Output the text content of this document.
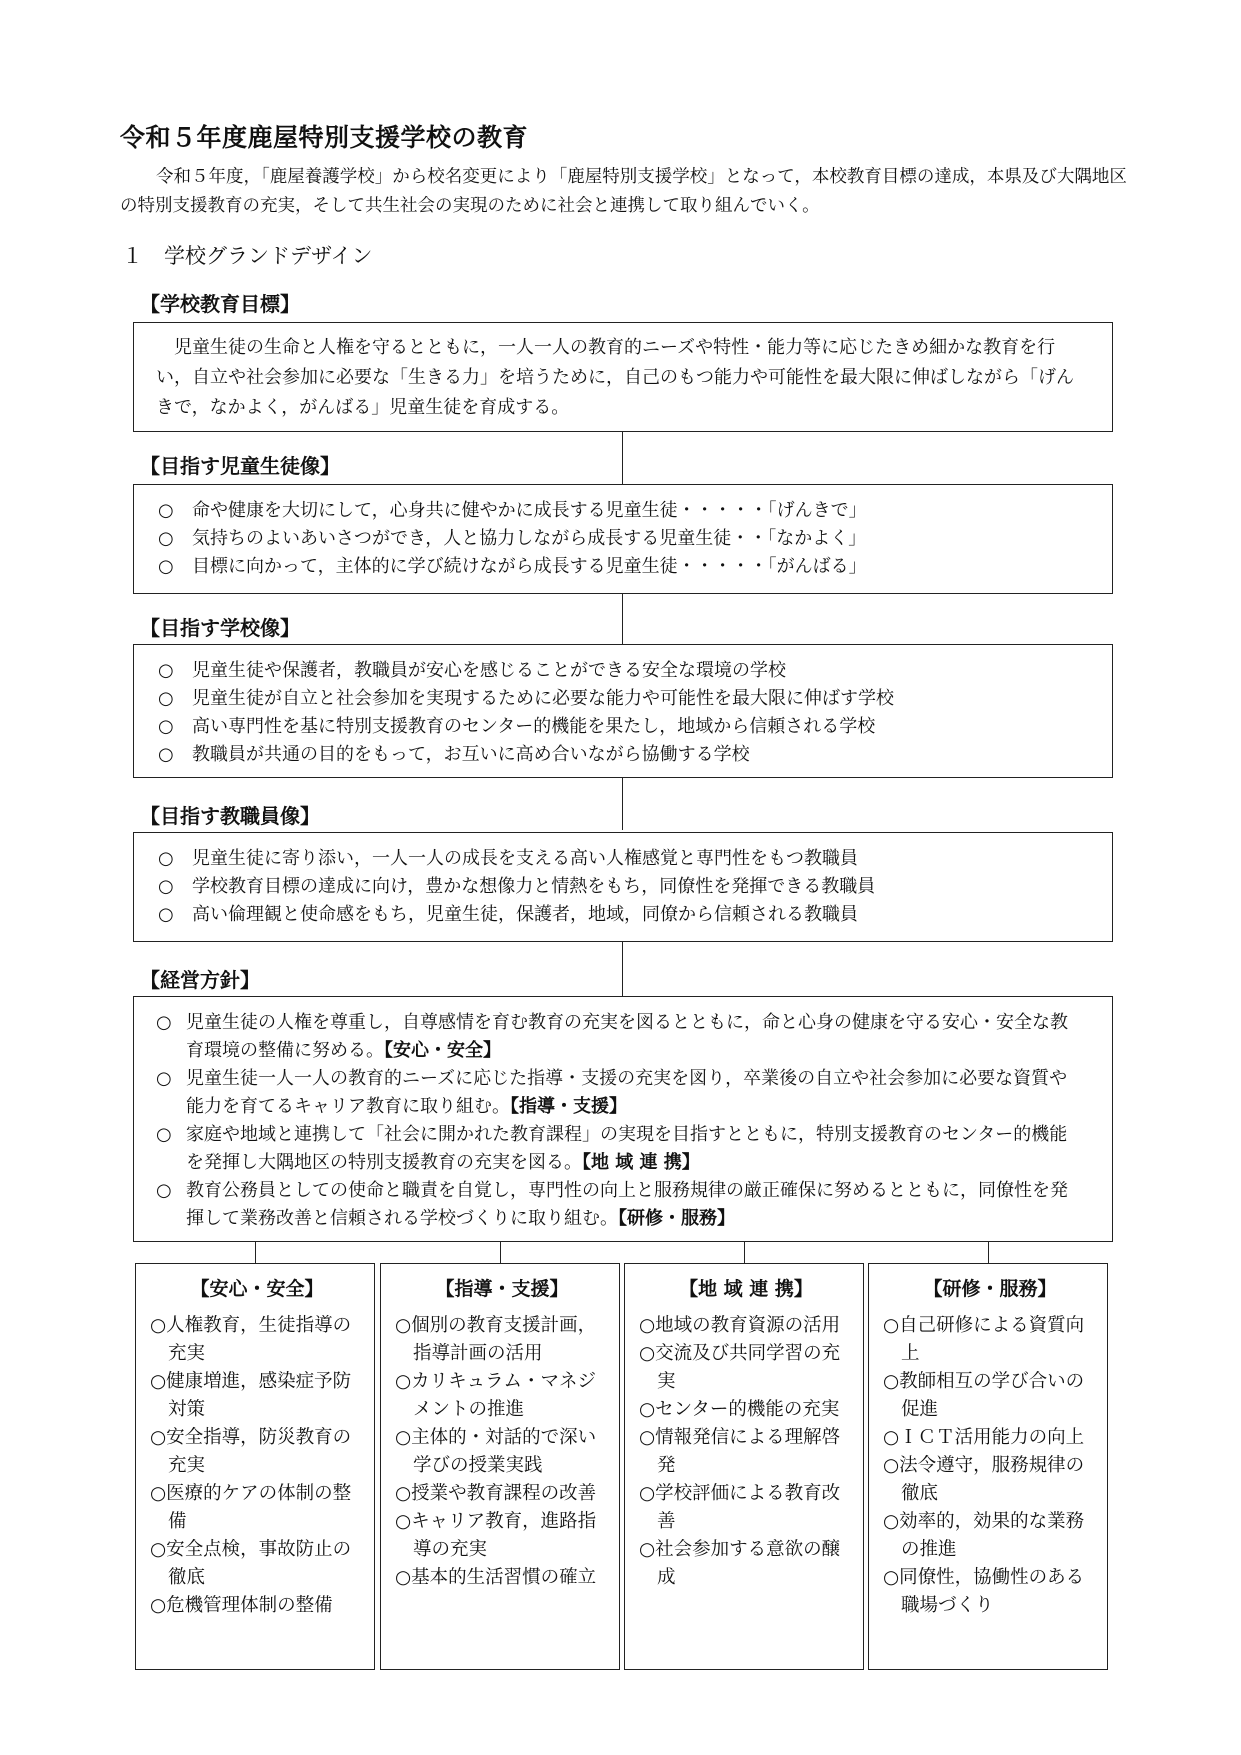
令和５年度鹿屋特別支援学校の教育

令和５年度，「鹿屋養護学校」から校名変更により「鹿屋特別支援学校」となって，本校教育目標の達成，本県及び大隅地区の特別支援教育の充実，そして共生社会の実現のために社会と連携して取り組んでいく。

１　学校グランドデザイン
【学校教育目標】
児童生徒の生命と人権を守るとともに，一人一人の教育的ニーズや特性・能力等に応じたきめ細かな教育を行い，自立や社会参加に必要な「生きる力」を培うために，自己のもつ能力や可能性を最大限に伸ばしながら「げんきで，なかよく，がんばる」児童生徒を育成する。
【目指す児童生徒像】
○ 命や健康を大切にして，心身共に健やかに成長する児童生徒・・・・・「げんきで」
○ 気持ちのよいあいさつができ，人と協力しながら成長する児童生徒・・「なかよく」
○ 目標に向かって，主体的に学び続けながら成長する児童生徒・・・・・「がんばる」
【目指す学校像】
○ 児童生徒や保護者，教職員が安心を感じることができる安全な環境の学校
○ 児童生徒が自立と社会参加を実現するために必要な能力や可能性を最大限に伸ばす学校
○ 高い専門性を基に特別支援教育のセンター的機能を果たし，地域から信頼される学校
○ 教職員が共通の目的をもって，お互いに高め合いながら協働する学校
【目指す教職員像】
○ 児童生徒に寄り添い，一人一人の成長を支える高い人権感覚と専門性をもつ教職員
○ 学校教育目標の達成に向け，豊かな想像力と情熱をもち，同僚性を発揮できる教職員
○ 高い倫理観と使命感をもち，児童生徒，保護者，地域，同僚から信頼される教職員
【経営方針】
○ 児童生徒の人権を尊重し，自尊感情を育む教育の充実を図るとともに，命と心身の健康を守る安心・安全な教育環境の整備に努める。【安心・安全】
○ 児童生徒一人一人の教育的ニーズに応じた指導・支援の充実を図り，卒業後の自立や社会参加に必要な資質や能力を育てるキャリア教育に取り組む。【指導・支援】
○ 家庭や地域と連携して「社会に開かれた教育課程」の実現を目指すとともに，特別支援教育のセンター的機能を発揮し大隅地区の特別支援教育の充実を図る。【地 域 連 携】
○ 教育公務員としての使命と職責を自覚し，専門性の向上と服務規律の厳正確保に努めるとともに，同僚性を発揮して業務改善と信頼される学校づくりに取り組む。【研修・服務】
【安心・安全】
○人権教育，生徒指導の充実
○健康増進，感染症予防対策
○安全指導，防災教育の充実
○医療的ケアの体制の整備
○安全点検，事故防止の徹底
○危機管理体制の整備
【指導・支援】
○個別の教育支援計画，指導計画の活用
○カリキュラム・マネジメントの推進
○主体的・対話的で深い学びの授業実践
○授業や教育課程の改善
○キャリア教育，進路指導の充実
○基本的生活習慣の確立
【地 域 連 携】
○地域の教育資源の活用
○交流及び共同学習の充実
○センター的機能の充実
○情報発信による理解啓発
○学校評価による教育改善
○社会参加する意欲の醸成
【研修・服務】
○自己研修による資質向上
○教師相互の学び合いの促進
○ＩＣＴ活用能力の向上
○法令遵守，服務規律の徹底
○効率的，効果的な業務の推進
○同僚性，協働性のある職場づくり
